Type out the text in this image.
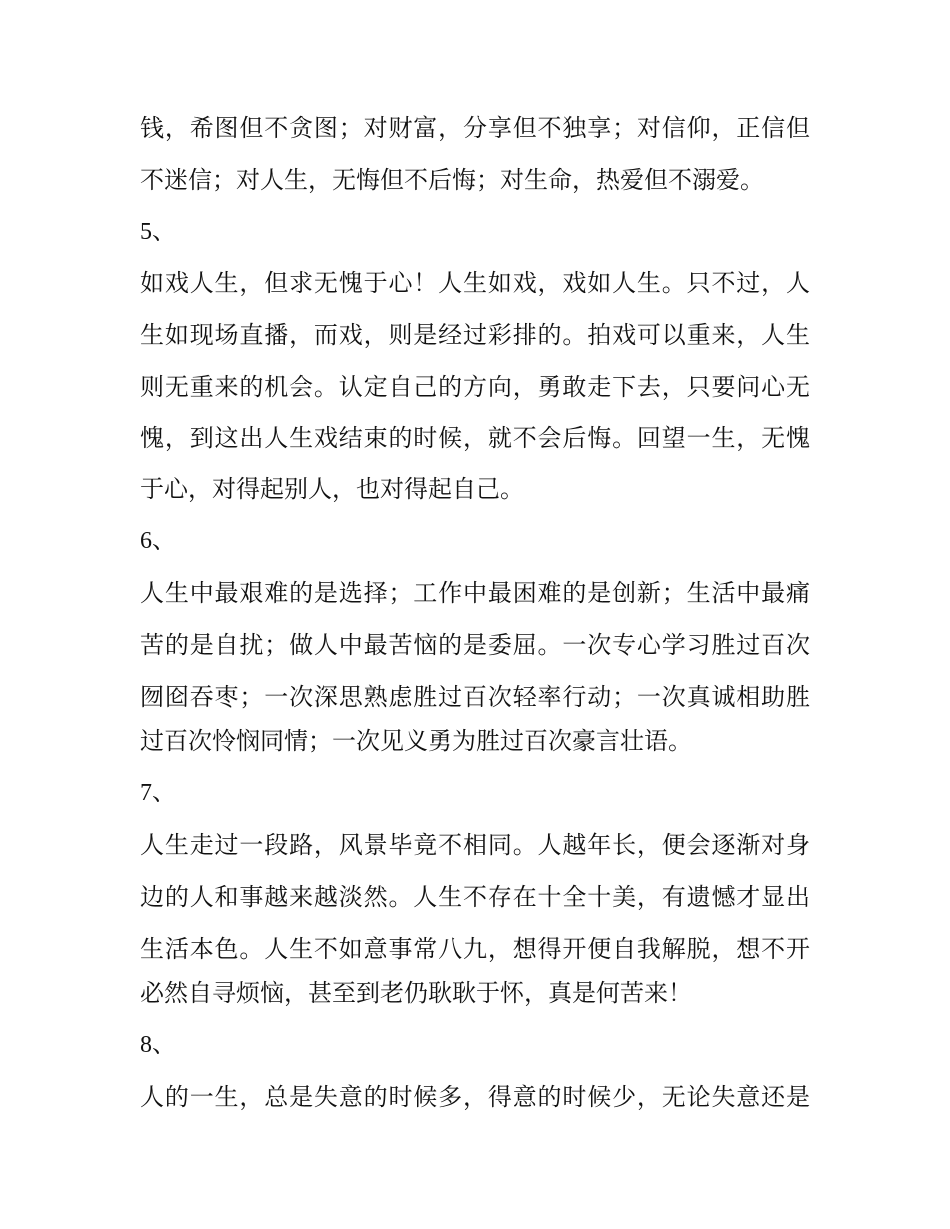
钱，希图但不贪图；对财富，分享但不独享；对信仰，正信但
不迷信；对人生，无悔但不后悔；对生命，热爱但不溺爱。
5、
如戏人生，但求无愧于心！人生如戏，戏如人生。只不过，人
生如现场直播，而戏，则是经过彩排的。拍戏可以重来，人生
则无重来的机会。认定自己的方向，勇敢走下去，只要问心无
愧，到这出人生戏结束的时候，就不会后悔。回望一生，无愧
于心，对得起别人，也对得起自己。
6、
人生中最艰难的是选择；工作中最困难的是创新；生活中最痛
苦的是自扰；做人中最苦恼的是委屈。一次专心学习胜过百次
囫囵吞枣；一次深思熟虑胜过百次轻率行动；一次真诚相助胜
过百次怜悯同情；一次见义勇为胜过百次豪言壮语。
7、
人生走过一段路，风景毕竟不相同。人越年长，便会逐渐对身
边的人和事越来越淡然。人生不存在十全十美，有遗憾才显出
生活本色。人生不如意事常八九，想得开便自我解脱，想不开
必然自寻烦恼，甚至到老仍耿耿于怀，真是何苦来！
8、
人的一生，总是失意的时候多，得意的时候少，无论失意还是
